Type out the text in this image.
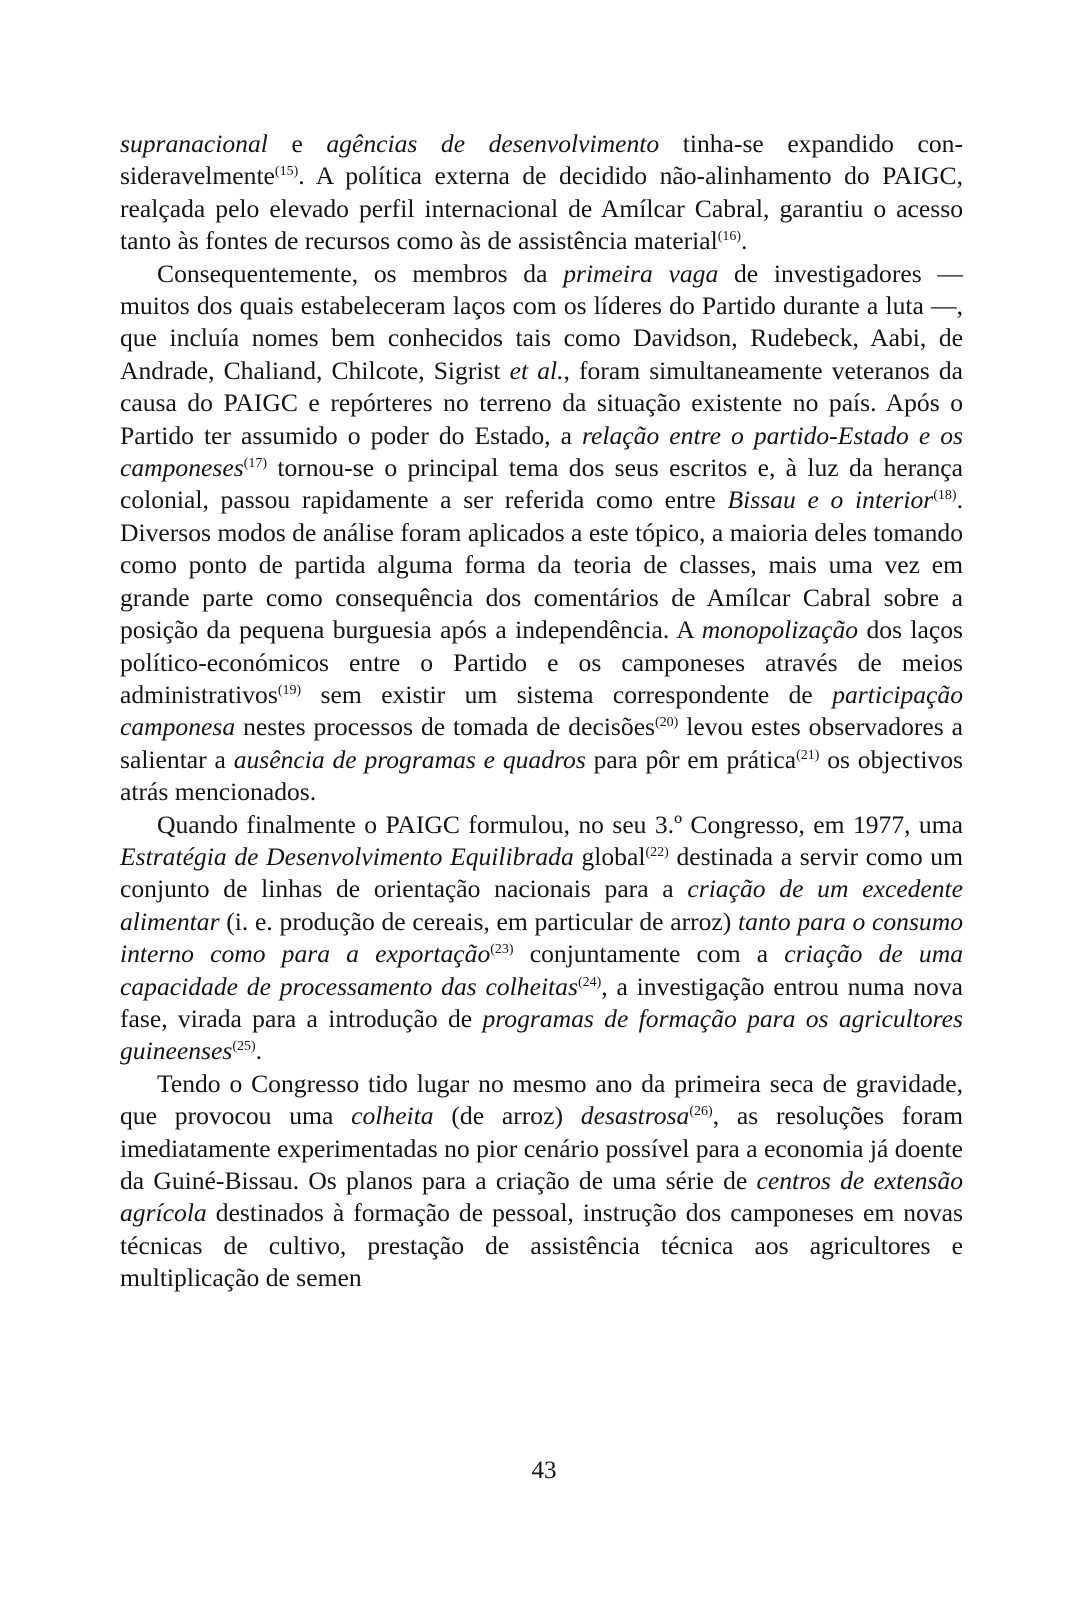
supranacional e agências de desenvolvimento tinha-se expandido consideravelmente$^{(15)}$. A política externa de decidido não-alinhamento do PAIGC, realçada pelo elevado perfil internacional de Amílcar Cabral, garantiu o acesso tanto às fontes de recursos como às de assistência material$^{(16)}$.

Consequentemente, os membros da primeira vaga de investigadores — muitos dos quais estabeleceram laços com os líderes do Partido durante a luta —, que incluía nomes bem conhecidos tais como Davidson, Rudebeck, Aabi, de Andrade, Chaliand, Chilcote, Sigrist et al., foram simultaneamente veteranos da causa do PAIGC e repórteres no terreno da situação existente no país. Após o Partido ter assumido o poder do Estado, a relação entre o partido-Estado e os camponeses$^{(17)}$ tornou-se o principal tema dos seus escritos e, à luz da herança colonial, passou rapidamente a ser referida como entre Bissau e o interior$^{(18)}$. Diversos modos de análise foram aplicados a este tópico, a maioria deles tomando como ponto de partida alguma forma da teoria de classes, mais uma vez em grande parte como consequência dos comentários de Amílcar Cabral sobre a posição da pequena burguesia após a independência. A monopolização dos laços político-económicos entre o Partido e os camponeses através de meios administrativos$^{(19)}$ sem existir um sistema correspondente de participação camponesa nestes processos de tomada de decisões$^{(20)}$ levou estes observadores a salientar a ausência de programas e quadros para pôr em prática$^{(21)}$ os objectivos atrás mencionados.

Quando finalmente o PAIGC formulou, no seu 3.º Congresso, em 1977, uma Estratégia de Desenvolvimento Equilibrada global$^{(22)}$ destinada a servir como um conjunto de linhas de orientação nacionais para a criação de um excedente alimentar (i. e. produção de cereais, em particular de arroz) tanto para o consumo interno como para a exportação$^{(23)}$ conjuntamente com a criação de uma capacidade de processamento das colheitas$^{(24)}$, a investigação entrou numa nova fase, virada para a introdução de programas de formação para os agricultores guineenses$^{(25)}$.

Tendo o Congresso tido lugar no mesmo ano da primeira seca de gravidade, que provocou uma colheita (de arroz) desastrosa$^{(26)}$, as resoluções foram imediatamente experimentadas no pior cenário possível para a economia já doente da Guiné-Bissau. Os planos para a criação de uma série de centros de extensão agrícola destinados à formação de pessoal, instrução dos camponeses em novas técnicas de cultivo, prestação de assistência técnica aos agricultores e multiplicação de semen

43
